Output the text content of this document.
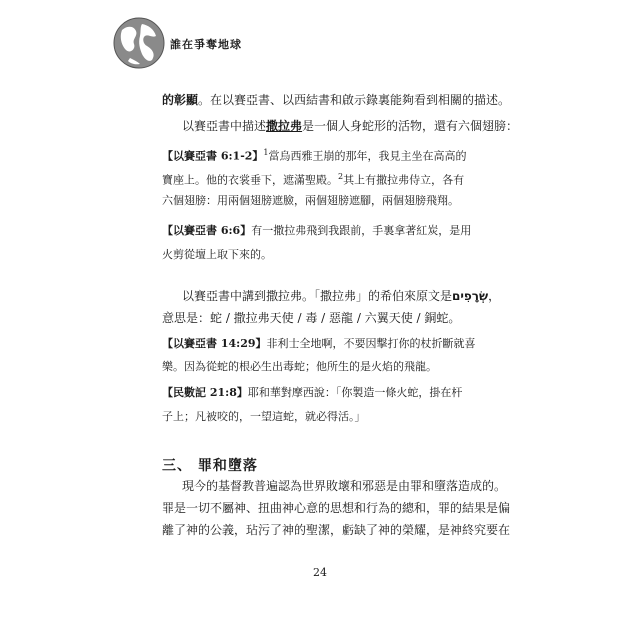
誰在爭奪地球
的彰顯。在以賽亞書、以西結書和啟示錄裏能夠看到相關的描述。
以賽亞書中描述撒拉弗是一個人身蛇形的活物，還有六個翅膀：
【以賽亞書 6:1-2】$^1$當烏西雅王崩的那年，我見主坐在高高的
寶座上。他的衣裳垂下，遮滿聖殿。$^2$其上有撒拉弗侍立，各有
六個翅膀：用兩個翅膀遮臉，兩個翅膀遮腳，兩個翅膀飛翔。
【以賽亞書 6:6】有一撒拉弗飛到我跟前，手裏拿著紅炭，是用
火剪從壇上取下來的。
以賽亞書中講到撒拉弗。「撒拉弗」的希伯來原文是שְׂרָפִים，
意思是：蛇 / 撒拉弗天使 / 毒 / 惡龍 / 六翼天使 / 銅蛇。
【以賽亞書 14:29】非利士全地啊，不要因擊打你的杖折斷就喜
樂。因為從蛇的根必生出毒蛇；他所生的是火焰的飛龍。
【民數記 21:8】耶和華對摩西說：「你製造一條火蛇，掛在杆
子上；凡被咬的，一望這蛇，就必得活。」
三、 罪和墮落
現今的基督教普遍認為世界敗壞和邪惡是由罪和墮落造成的。
罪是一切不屬神、扭曲神心意的思想和行為的總和，罪的結果是偏
離了神的公義，玷污了神的聖潔，虧缺了神的榮耀，是神終究要在
24
